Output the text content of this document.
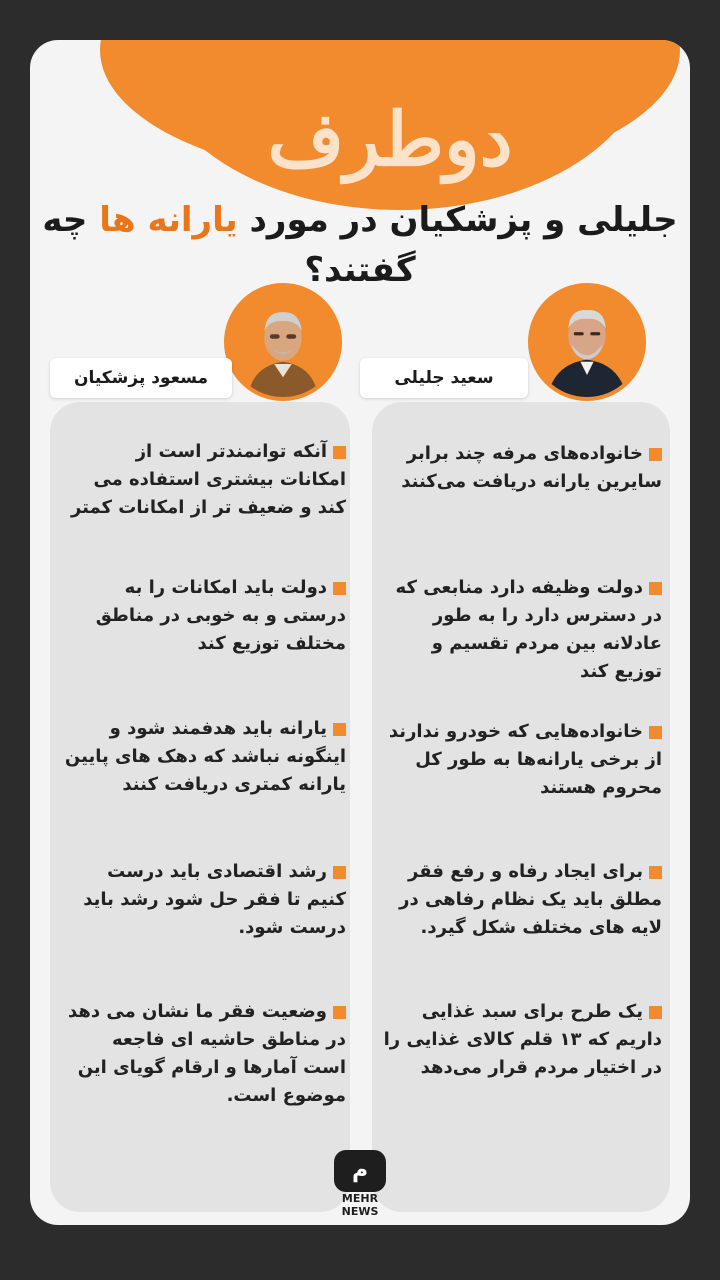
دوطرف
جلیلی و پزشکیان در مورد یارانه ها چه گفتند؟
مسعود پزشکیان	سعید جلیلی
آنکه توانمندتر است از امکانات بیشتری استفاده می کند و ضعیف تر از امکانات کمتر
دولت باید امکانات را به درستی و به خوبی در مناطق مختلف توزیع کند
یارانه باید هدفمند شود و اینگونه نباشد که دهک های پایین یارانه کمتری دریافت کنند
رشد اقتصادی باید درست کنیم تا فقر حل شود رشد باید درست شود.
وضعیت فقر ما نشان می دهد در مناطق حاشیه ای فاجعه است آمارها و ارقام گویای این موضوع است.
خانواده‌های مرفه چند برابر سایرین یارانه دریافت می‌کنند
دولت وظیفه دارد منابعی که در دسترس دارد را به طور عادلانه بین مردم تقسیم و توزیع کند
خانواده‌هایی که خودرو ندارند از برخی یارانه‌ها به طور کل محروم هستند
برای ایجاد رفاه و رفع فقر مطلق باید یک نظام رفاهی در لایه های مختلف شکل گیرد.
یک طرح برای سبد غذایی داریم که ۱۳ قلم کالای غذایی را در اختیار مردم قرار می‌دهد
م
MEHR
NEWS
